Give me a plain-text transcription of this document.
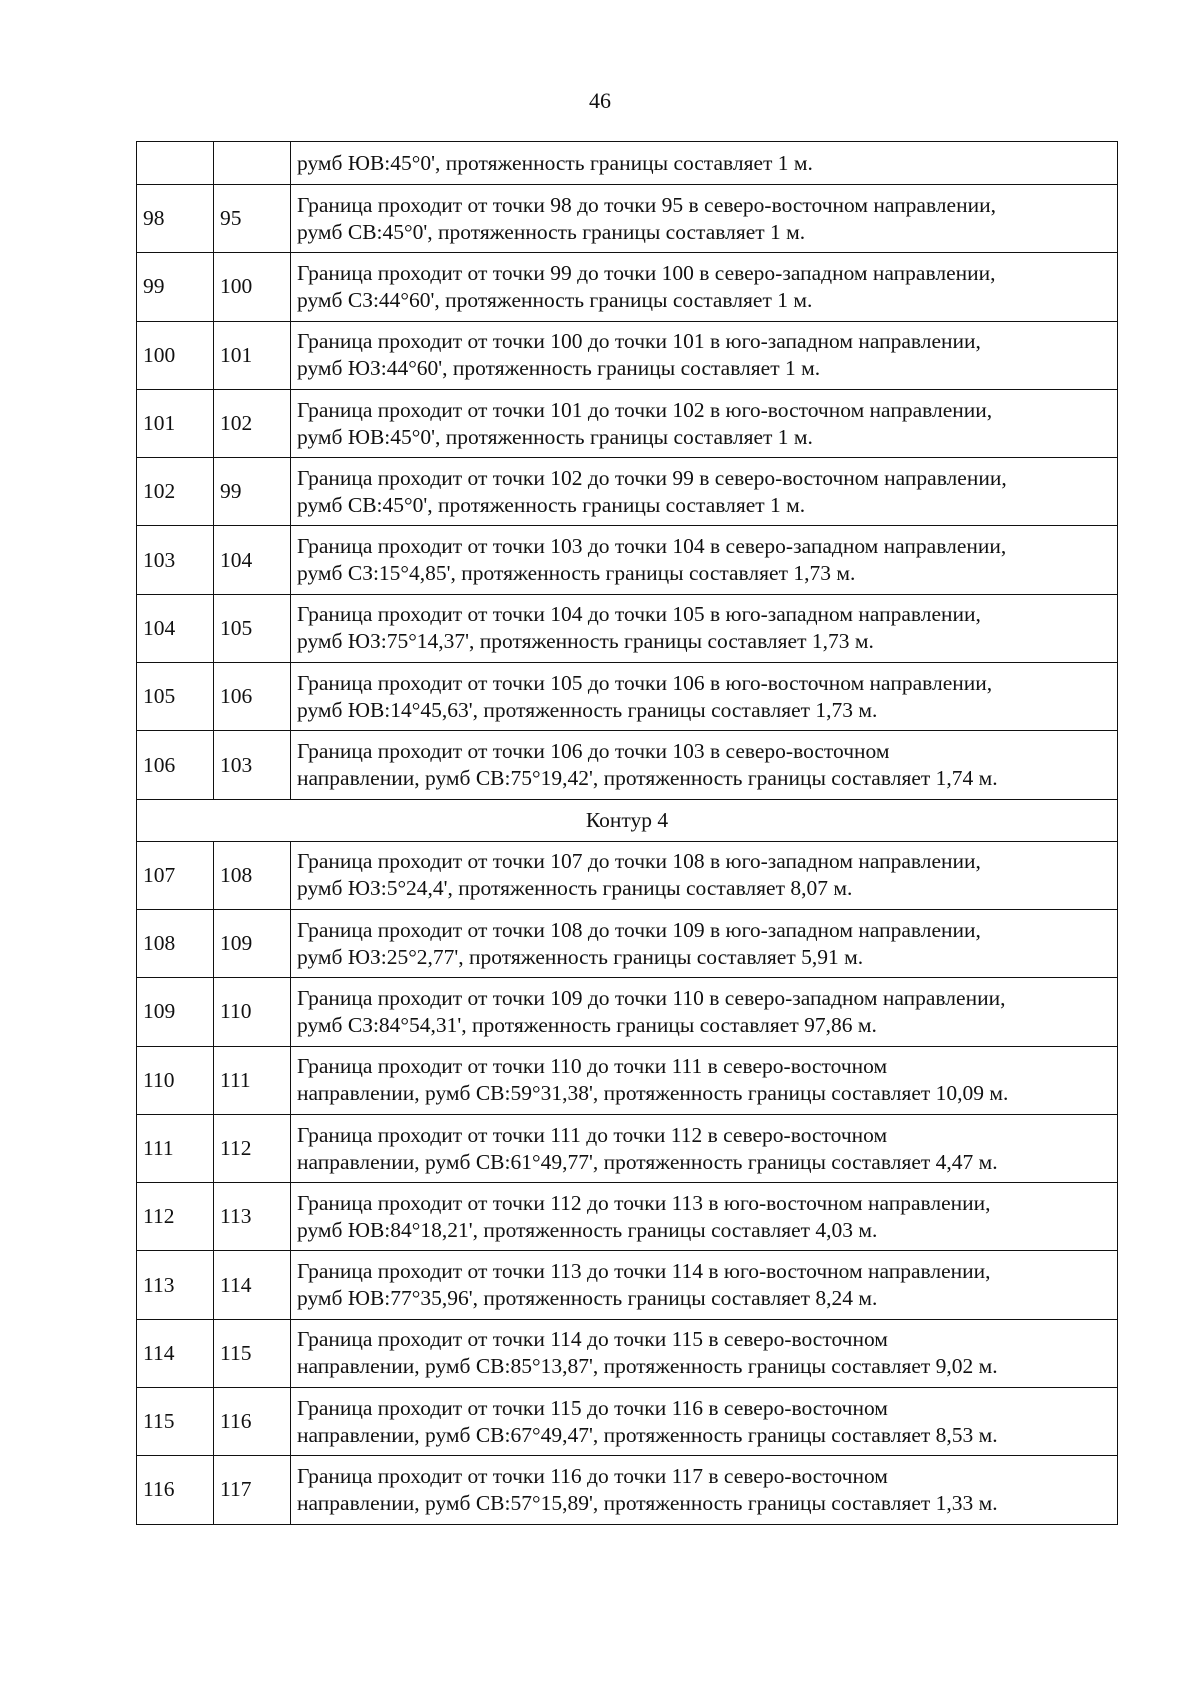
46
		румб ЮВ:45°0', протяженность границы составляет 1 м.
98	95	Граница проходит от точки 98 до точки 95 в северо-восточном направлении,
румб СВ:45°0', протяженность границы составляет 1 м.

99	100	Граница проходит от точки 99 до точки 100 в северо-западном направлении,
румб СЗ:44°60', протяженность границы составляет 1 м.

100	101	Граница проходит от точки 100 до точки 101 в юго-западном направлении,
румб ЮЗ:44°60', протяженность границы составляет 1 м.

101	102	Граница проходит от точки 101 до точки 102 в юго-восточном направлении,
румб ЮВ:45°0', протяженность границы составляет 1 м.

102	99	Граница проходит от точки 102 до точки 99 в северо-восточном направлении,
румб СВ:45°0', протяженность границы составляет 1 м.

103	104	Граница проходит от точки 103 до точки 104 в северо-западном направлении,
румб СЗ:15°4,85', протяженность границы составляет 1,73 м.

104	105	Граница проходит от точки 104 до точки 105 в юго-западном направлении,
румб ЮЗ:75°14,37', протяженность границы составляет 1,73 м.

105	106	Граница проходит от точки 105 до точки 106 в юго-восточном направлении,
румб ЮВ:14°45,63', протяженность границы составляет 1,73 м.

106	103	Граница проходит от точки 106 до точки 103 в северо-восточном
направлении, румб СВ:75°19,42', протяженность границы составляет 1,74 м.

Контур 4		
107	108	Граница проходит от точки 107 до точки 108 в юго-западном направлении,
румб ЮЗ:5°24,4', протяженность границы составляет 8,07 м.

108	109	Граница проходит от точки 108 до точки 109 в юго-западном направлении,
румб ЮЗ:25°2,77', протяженность границы составляет 5,91 м.

109	110	Граница проходит от точки 109 до точки 110 в северо-западном направлении,
румб СЗ:84°54,31', протяженность границы составляет 97,86 м.

110	111	Граница проходит от точки 110 до точки 111 в северо-восточном
направлении, румб СВ:59°31,38', протяженность границы составляет 10,09 м.

111	112	Граница проходит от точки 111 до точки 112 в северо-восточном
направлении, румб СВ:61°49,77', протяженность границы составляет 4,47 м.

112	113	Граница проходит от точки 112 до точки 113 в юго-восточном направлении,
румб ЮВ:84°18,21', протяженность границы составляет 4,03 м.

113	114	Граница проходит от точки 113 до точки 114 в юго-восточном направлении,
румб ЮВ:77°35,96', протяженность границы составляет 8,24 м.

114	115	Граница проходит от точки 114 до точки 115 в северо-восточном
направлении, румб СВ:85°13,87', протяженность границы составляет 9,02 м.

115	116	Граница проходит от точки 115 до точки 116 в северо-восточном
направлении, румб СВ:67°49,47', протяженность границы составляет 8,53 м.

116	117	Граница проходит от точки 116 до точки 117 в северо-восточном
направлении, румб СВ:57°15,89', протяженность границы составляет 1,33 м.
